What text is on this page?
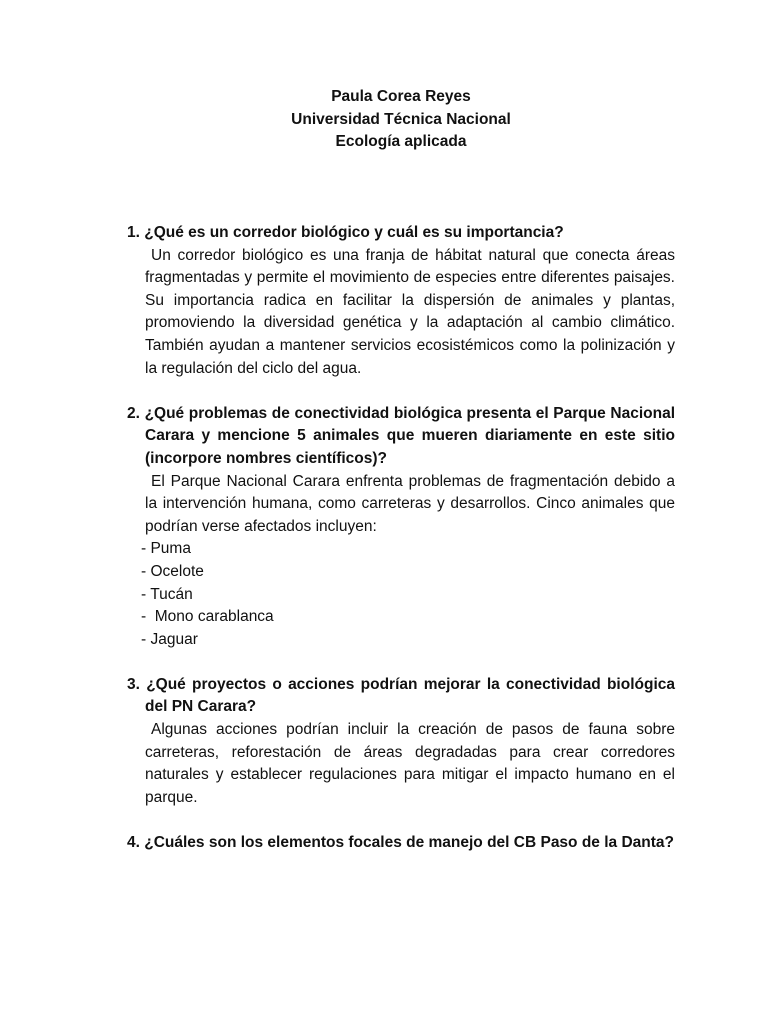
Paula Corea Reyes
Universidad Técnica Nacional
Ecología aplicada

1. ¿Qué es un corredor biológico y cuál es su importancia?

Un corredor biológico es una franja de hábitat natural que conecta áreas fragmentadas y permite el movimiento de especies entre diferentes paisajes. Su importancia radica en facilitar la dispersión de animales y plantas, promoviendo la diversidad genética y la adaptación al cambio climático. También ayudan a mantener servicios ecosistémicos como la polinización y la regulación del ciclo del agua.

2. ¿Qué problemas de conectividad biológica presenta el Parque Nacional Carara y mencione 5 animales que mueren diariamente en este sitio (incorpore nombres científicos)?

El Parque Nacional Carara enfrenta problemas de fragmentación debido a la intervención humana, como carreteras y desarrollos. Cinco animales que podrían verse afectados incluyen:

- Puma
- Ocelote
- Tucán
-  Mono carablanca
- Jaguar

3. ¿Qué proyectos o acciones podrían mejorar la conectividad biológica del PN Carara?

Algunas acciones podrían incluir la creación de pasos de fauna sobre carreteras, reforestación de áreas degradadas para crear corredores naturales y establecer regulaciones para mitigar el impacto humano en el parque.

4. ¿Cuáles son los elementos focales de manejo del CB Paso de la Danta?
